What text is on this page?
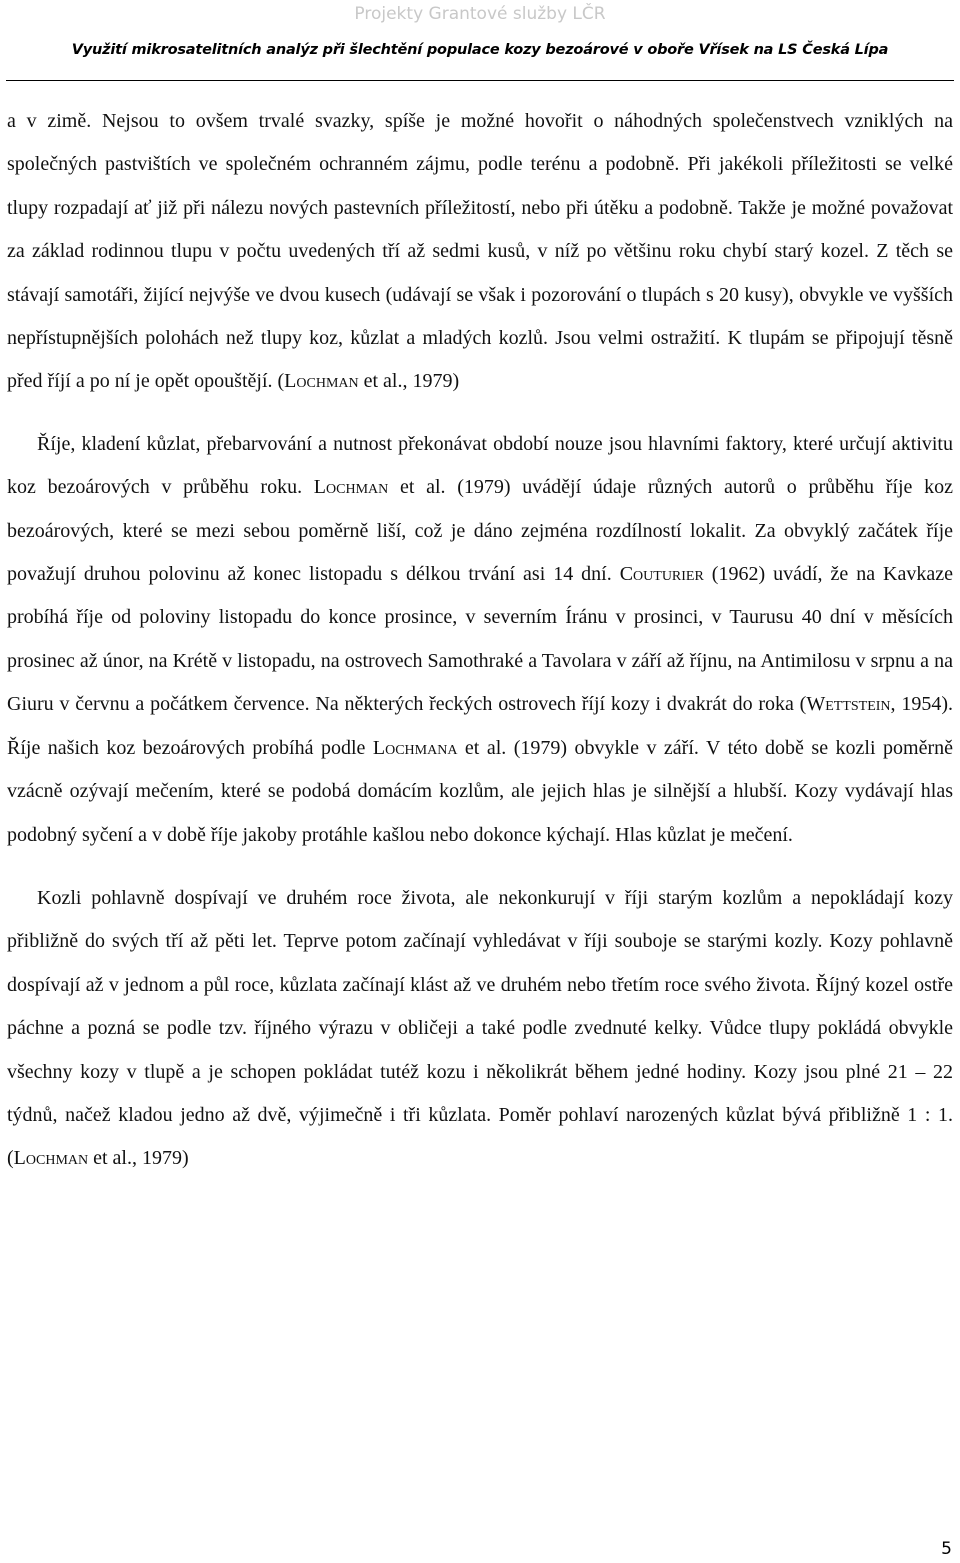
Projekty Grantové služby LČR
Využití mikrosatelitních analýz při šlechtění populace kozy bezoárové v oboře Vřísek na LS Česká Lípa

a v zimě. Nejsou to ovšem trvalé svazky, spíše je možné hovořit o náhodných společenstvech vzniklých na společných pastvištích ve společném ochranném zájmu, podle terénu a podobně. Při jakékoli příležitosti se velké tlupy rozpadají ať již při nálezu nových pastevních příležitostí, nebo při útěku a podobně. Takže je možné považovat za základ rodinnou tlupu v počtu uvedených tří až sedmi kusů, v níž po většinu roku chybí starý kozel. Z těch se stávají samotáři, žijící nejvýše ve dvou kusech (udávají se však i pozorování o tlupách s 20 kusy), obvykle ve vyšších nepřístupnějších polohách než tlupy koz, kůzlat a mladých kozlů. Jsou velmi ostražití. K tlupám se připojují těsně před říjí a po ní je opět opouštějí. (Lochman et al., 1979)

Říje, kladení kůzlat, přebarvování a nutnost překonávat období nouze jsou hlavními faktory, které určují aktivitu koz bezoárových v průběhu roku. Lochman et al. (1979) uvádějí údaje různých autorů o průběhu říje koz bezoárových, které se mezi sebou poměrně liší, což je dáno zejména rozdílností lokalit. Za obvyklý začátek říje považují druhou polovinu až konec listopadu s délkou trvání asi 14 dní. Couturier (1962) uvádí, že na Kavkaze probíhá říje od poloviny listopadu do konce prosince, v severním Íránu v prosinci, v Taurusu 40 dní v měsících prosinec až únor, na Krétě v listopadu, na ostrovech Samothraké a Tavolara v září až říjnu, na Antimilosu v srpnu a na Giuru v červnu a počátkem července. Na některých řeckých ostrovech říjí kozy i dvakrát do roka (Wettstein, 1954). Říje našich koz bezoárových probíhá podle Lochmana et al. (1979) obvykle v září. V této době se kozli poměrně vzácně ozývají mečením, které se podobá domácím kozlům, ale jejich hlas je silnější a hlubší. Kozy vydávají hlas podobný syčení a v době říje jakoby protáhle kašlou nebo dokonce kýchají. Hlas kůzlat je mečení.

Kozli pohlavně dospívají ve druhém roce života, ale nekonkurují v říji starým kozlům a nepokládají kozy přibližně do svých tří až pěti let. Teprve potom začínají vyhledávat v říji souboje se starými kozly. Kozy pohlavně dospívají až v jednom a půl roce, kůzlata začínají klást až ve druhém nebo třetím roce svého života. Říjný kozel ostře páchne a pozná se podle tzv. říjného výrazu v obličeji a také podle zvednuté kelky. Vůdce tlupy pokládá obvykle všechny kozy v tlupě a je schopen pokládat tutéž kozu i několikrát během jedné hodiny. Kozy jsou plné 21 – 22 týdnů, načež kladou jedno až dvě, výjimečně i tři kůzlata. Poměr pohlaví narozených kůzlat bývá přibližně 1 : 1. (Lochman et al., 1979)

5
